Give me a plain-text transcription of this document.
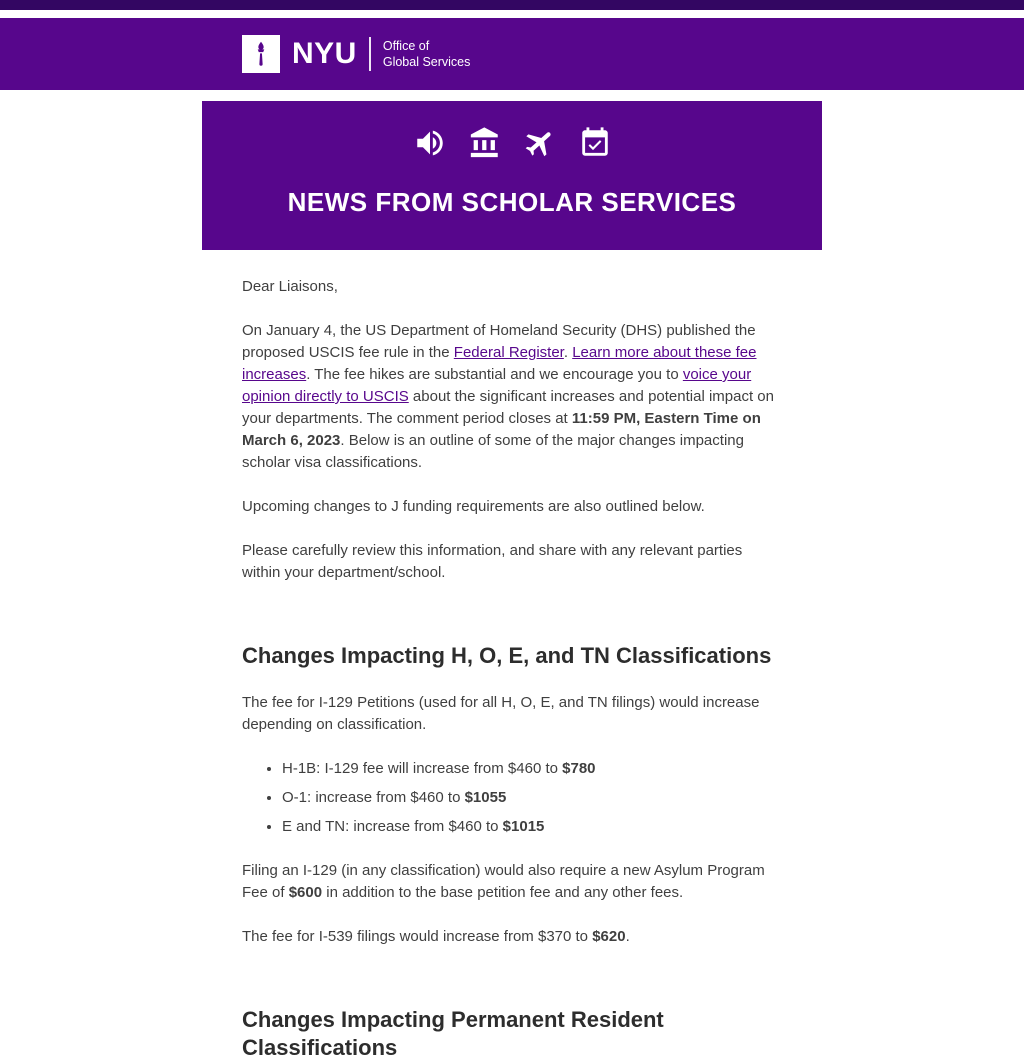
NYU Office of
Global Services
NEWS FROM SCHOLAR SERVICES

Dear Liaisons,

On January 4, the US Department of Homeland Security (DHS) published the proposed USCIS fee rule in the Federal Register. Learn more about these fee increases. The fee hikes are substantial and we encourage you to voice your opinion directly to USCIS about the significant increases and potential impact on your departments. The comment period closes at 11:59 PM, Eastern Time on March 6, 2023. Below is an outline of some of the major changes impacting scholar visa classifications.

Upcoming changes to J funding requirements are also outlined below.

Please carefully review this information, and share with any relevant parties within your department/school.

Changes Impacting H, O, E, and TN Classifications

The fee for I-129 Petitions (used for all H, O, E, and TN filings) would increase depending on classification.

• H-1B: I-129 fee will increase from $460 to $780
• O-1: increase from $460 to $1055
• E and TN: increase from $460 to $1015

Filing an I-129 (in any classification) would also require a new Asylum Program Fee of $600 in addition to the base petition fee and any other fees.

The fee for I-539 filings would increase from $370 to $620.

Changes Impacting Permanent Resident Classifications
